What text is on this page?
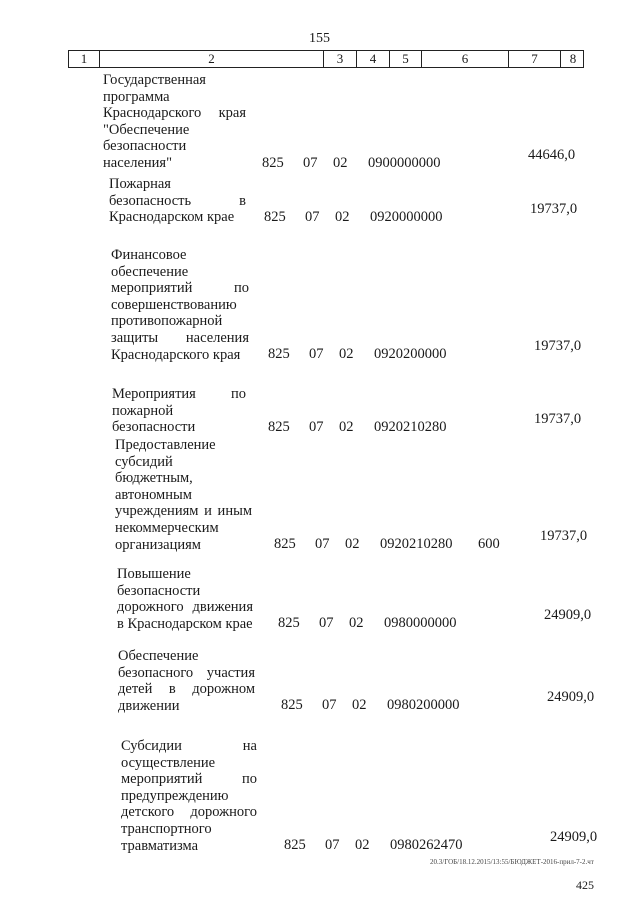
155
1	2	3	4	5	6	7	8
Государственная программа Краснодарского края "Обеспечение безопасности населения"	825 07 02 0900000000	44646,0
Пожарная безопасность в Краснодарском крае	825 07 02 0920000000	19737,0
Финансовое обеспечение мероприятий по совершенствованию противопожарной защиты населения Краснодарского края	825 07 02 0920200000	19737,0
Мероприятия по пожарной безопасности	825 07 02 0920210280	19737,0
Предоставление субсидий бюджетным, автономным учреждениям и иным некоммерческим организациям	825 07 02 0920210280 600	19737,0
Повышение безопасности дорожного движения в Краснодарском крае 825 07 02 0980000000	24909,0
Обеспечение безопасного участия детей в дорожном движении	825 07 02 0980200000	24909,0
Субсидии на осуществление мероприятий по предупреждению детского дорожного транспортного травматизма	825 07 02 0980262470	24909,0
20.3/ГОБ/18.12.2015/13:55/БЮДЖЕТ-2016-прил-7-2.чт
425
